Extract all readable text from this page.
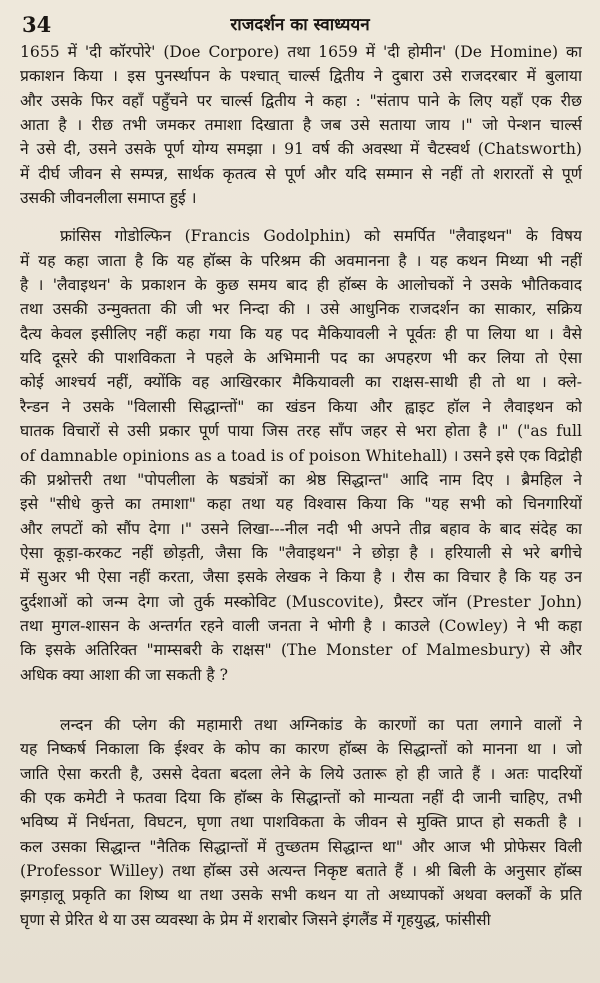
34	राजदर्शन का स्वाध्ययन
1655 में 'दी कॉरपोरे' (Doe Corpore) तथा 1659 में 'दी होमीन' (De Homine) का
प्रकाशन किया । इस पुनर्स्थापन के पश्चात् चार्ल्स द्वितीय ने दुबारा उसे राजदरबार में बुलाया
और उसके फिर वहाँ पहुँचने पर चार्ल्स द्वितीय ने कहा : "संताप पाने के लिए यहाँ एक रीछ
आता है । रीछ तभी जमकर तमाशा दिखाता है जब उसे सताया जाय ।" जो पेन्शन चार्ल्स
ने उसे दी, उसने उसके पूर्ण योग्य समझा । 91 वर्ष की अवस्था में चैटस्वर्थ (Chatsworth)
में दीर्घ जीवन से सम्पन्न, सार्थक कृतत्व से पूर्ण और यदि सम्मान से नहीं तो शरारतों से पूर्ण
उसकी जीवनलीला समाप्त हुई ।
फ्रांसिस गोडोल्फिन (Francis Godolphin) को समर्पित "लैवाइथन" के विषय
में यह कहा जाता है कि यह हॉब्स के परिश्रम की अवमानना है । यह कथन मिथ्या भी नहीं
है । 'लैवाइथन' के प्रकाशन के कुछ समय बाद ही हॉब्स के आलोचकों ने उसके भौतिकवाद
तथा उसकी उन्मुक्तता की जी भर निन्दा की । उसे आधुनिक राजदर्शन का साकार, सक्रिय
दैत्य केवल इसीलिए नहीं कहा गया कि यह पद मैकियावली ने पूर्वतः ही पा लिया था । वैसे
यदि दूसरे की पाशविकता ने पहले के अभिमानी पद का अपहरण भी कर लिया तो ऐसा
कोई आश्चर्य नहीं, क्योंकि वह आखिरकार मैकियावली का राक्षस-साथी ही तो था । क्ले-
रैन्डन ने उसके "विलासी सिद्धान्तों" का खंडन किया और ह्वाइट हॉल ने लैवाइथन को
घातक विचारों से उसी प्रकार पूर्ण पाया जिस तरह साँप जहर से भरा होता है ।" ("as full
of damnable opinions as a toad is of poison Whitehall) । उसने इसे एक विद्रोही
की प्रश्नोत्तरी तथा "पोपलीला के षड्यंत्रों का श्रेष्ठ सिद्धान्त" आदि नाम दिए । ब्रैमहिल ने
इसे "सीधे कुत्ते का तमाशा" कहा तथा यह विश्वास किया कि "यह सभी को चिनगारियों
और लपटों को सौंप देगा ।" उसने लिखा---नील नदी भी अपने तीव्र बहाव के बाद संदेह का
ऐसा कूड़ा-करकट नहीं छोड़ती, जैसा कि "लैवाइथन" ने छोड़ा है । हरियाली से भरे बगीचे
में सुअर भी ऐसा नहीं करता, जैसा इसके लेखक ने किया है । रौस का विचार है कि यह उन
दुर्दशाओं को जन्म देगा जो तुर्क मस्कोविट (Muscovite), प्रैस्टर जॉन (Prester John)
तथा मुगल-शासन के अन्तर्गत रहने वाली जनता ने भोगी है । काउले (Cowley) ने भी कहा
कि इसके अतिरिक्त "माम्सबरी के राक्षस" (The Monster of Malmesbury) से और
अधिक क्या आशा की जा सकती है ?
लन्दन की प्लेग की महामारी तथा अग्निकांड के कारणों का पता लगाने वालों ने
यह निष्कर्ष निकाला कि ईश्वर के कोप का कारण हॉब्स के सिद्धान्तों को मानना था । जो
जाति ऐसा करती है, उससे देवता बदला लेने के लिये उतारू हो ही जाते हैं । अतः पादरियों
की एक कमेटी ने फतवा दिया कि हॉब्स के सिद्धान्तों को मान्यता नहीं दी जानी चाहिए, तभी
भविष्य में निर्धनता, विघटन, घृणा तथा पाशविकता के जीवन से मुक्ति प्राप्त हो सकती है ।
कल उसका सिद्धान्त "नैतिक सिद्धान्तों में तुच्छतम सिद्धान्त था" और आज भी प्रोफेसर विली
(Professor Willey) तथा हॉब्स उसे अत्यन्त निकृष्ट बताते हैं । श्री बिली के अनुसार हॉब्स
झगड़ालू प्रकृति का शिष्य था तथा उसके सभी कथन या तो अध्यापकों अथवा क्लर्कों के प्रति
घृणा से प्रेरित थे या उस व्यवस्था के प्रेम में शराबोर जिसने इंगलैंड में गृहयुद्ध, फांसीसी
